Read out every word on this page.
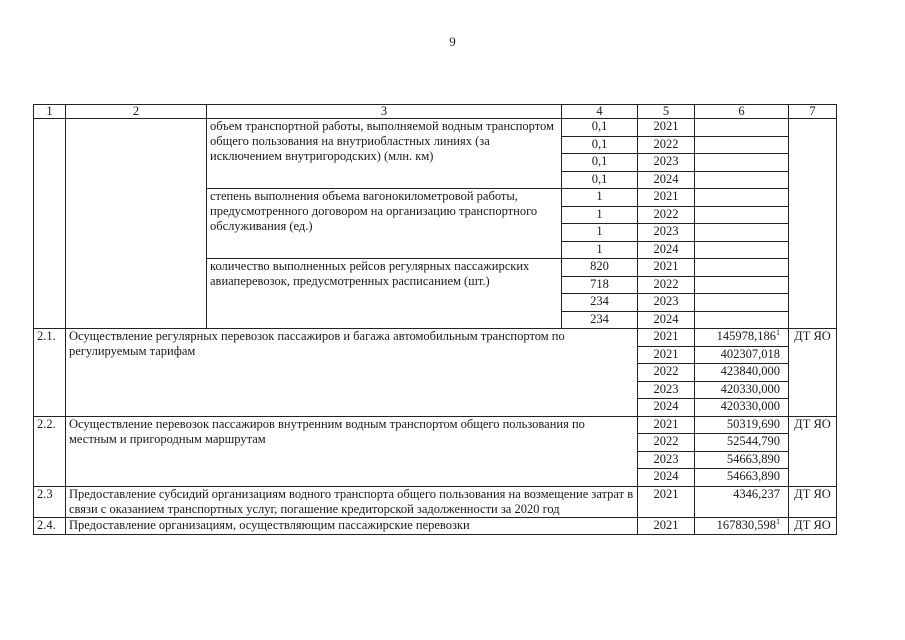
9
1	2	3	4	5	6	7
		объем транспортной работы, выполняемой водным транспортом общего пользования на внутриобластных линиях (за исключением внутригородских) (млн. км)	0,1	2021		
			0,1	2022		
			0,1	2023		
			0,1	2024		
		степень выполнения объема вагонокилометровой работы, предусмотренного договором на организацию транспортного обслуживания (ед.)	1	2021		
			1	2022		
			1	2023		
			1	2024		
		количество выполненных рейсов регулярных пассажирских авиаперевозок, предусмотренных расписанием (шт.)	820	2021		
			718	2022		
			234	2023		
			234	2024		
2.1.	Осуществление регулярных перевозок пассажиров и багажа автомобильным транспортом по регулируемым тарифам			2021	145978,186$^1$	ДТ ЯО
				2021	402307,018	
				2022	423840,000	
				2023	420330,000	
				2024	420330,000	
2.2.	Осуществление перевозок пассажиров внутренним водным транспортом общего пользования по местным и пригородным маршрутам			2021	50319,690	ДТ ЯО
				2022	52544,790	
				2023	54663,890	
				2024	54663,890	
2.3	Предоставление субсидий организациям водного транспорта общего пользования на возмещение затрат в связи с оказанием транспортных услуг, погашение кредиторской задолженности за 2020 год			2021	4346,237	ДТ ЯО
2.4.	Предоставление организациям, осуществляющим пассажирские перевозки			2021	167830,598$^1$	ДТ ЯО
